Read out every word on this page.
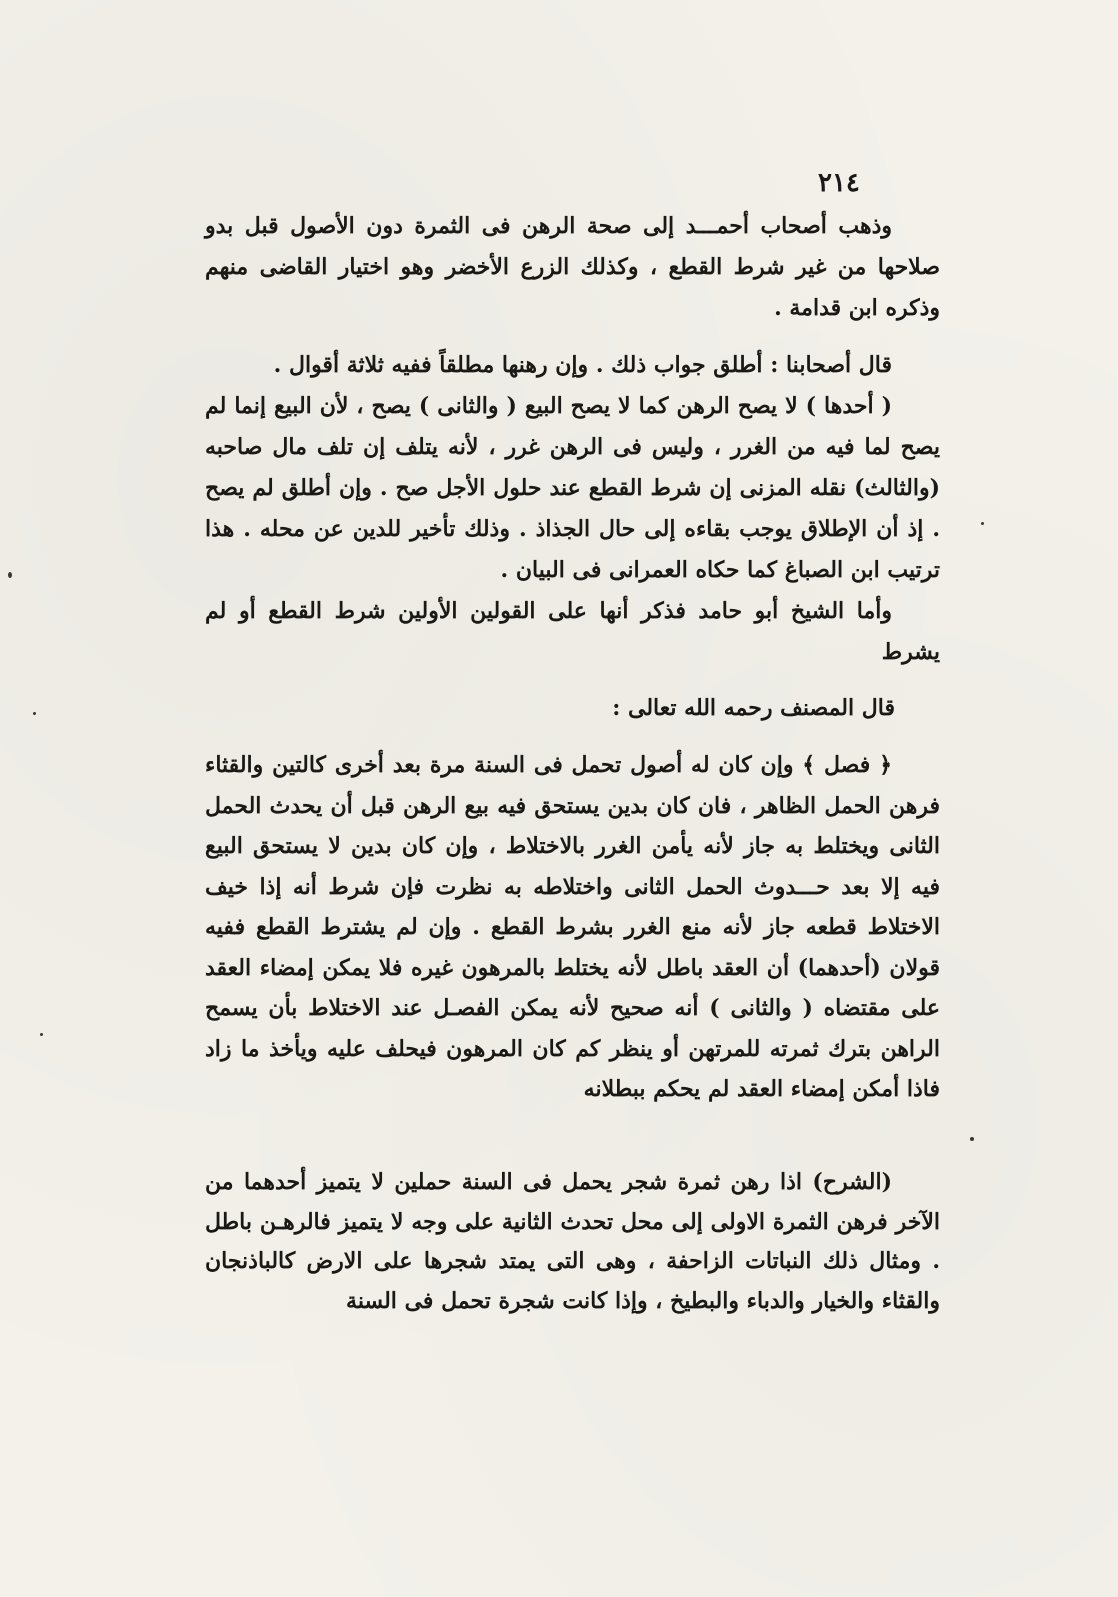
٢١٤

وذهب أصحاب أحمـــد إلى صحة الرهن فى الثمرة دون الأصول قبل بدو صلاحها من غير شرط القطع ، وكذلك الزرع الأخضر وهو اختيار القاضى منهم وذكره ابن قدامة .

قال أصحابنا : أطلق جواب ذلك . وإن رهنها مطلقاً ففيه ثلاثة أقوال .

( أحدها ) لا يصح الرهن كما لا يصح البيع ( والثانى ) يصح ، لأن البيع إنما لم يصح لما فيه من الغرر ، وليس فى الرهن غرر ، لأنه يتلف إن تلف مال صاحبه (والثالث) نقله المزنى إن شرط القطع عند حلول الأجل صح . وإن أطلق لم يصح . إذ أن الإطلاق يوجب بقاءه إلى حال الجذاذ . وذلك تأخير للدين عن محله . هذا ترتيب ابن الصباغ كما حكاه العمرانى فى البيان .

وأما الشيخ أبو حامد فذكر أنها على القولين الأولين شرط القطع أو لم يشرط

قال المصنف رحمه الله تعالى :

﴿ فصل ﴾ وإن كان له أصول تحمل فى السنة مرة بعد أخرى كالتين والقثاء فرهن الحمل الظاهر ، فان كان بدين يستحق فيه بيع الرهن قبل أن يحدث الحمل الثانى ويختلط به جاز لأنه يأمن الغرر بالاختلاط ، وإن كان بدين لا يستحق البيع فيه إلا بعد حـــدوث الحمل الثانى واختلاطه به نظرت فإن شرط أنه إذا خيف الاختلاط قطعه جاز لأنه منع الغرر بشرط القطع . وإن لم يشترط القطع ففيه قولان (أحدهما) أن العقد باطل لأنه يختلط بالمرهون غيره فلا يمكن إمضاء العقد على مقتضاه ( والثانى ) أنه صحيح لأنه يمكن الفصـل عند الاختلاط بأن يسمح الراهن بترك ثمرته للمرتهن أو ينظر كم كان المرهون فيحلف عليه ويأخذ ما زاد فاذا أمكن إمضاء العقد لم يحكم ببطلانه

(الشرح) اذا رهن ثمرة شجر يحمل فى السنة حملين لا يتميز أحدهما من الآخر فرهن الثمرة الاولى إلى محل تحدث الثانية على وجه لا يتميز فالرهـن باطل . ومثال ذلك النباتات الزاحفة ، وهى التى يمتد شجرها على الارض كالباذنجان والقثاء والخيار والدباء والبطيخ ، وإذا كانت شجرة تحمل فى السنة
